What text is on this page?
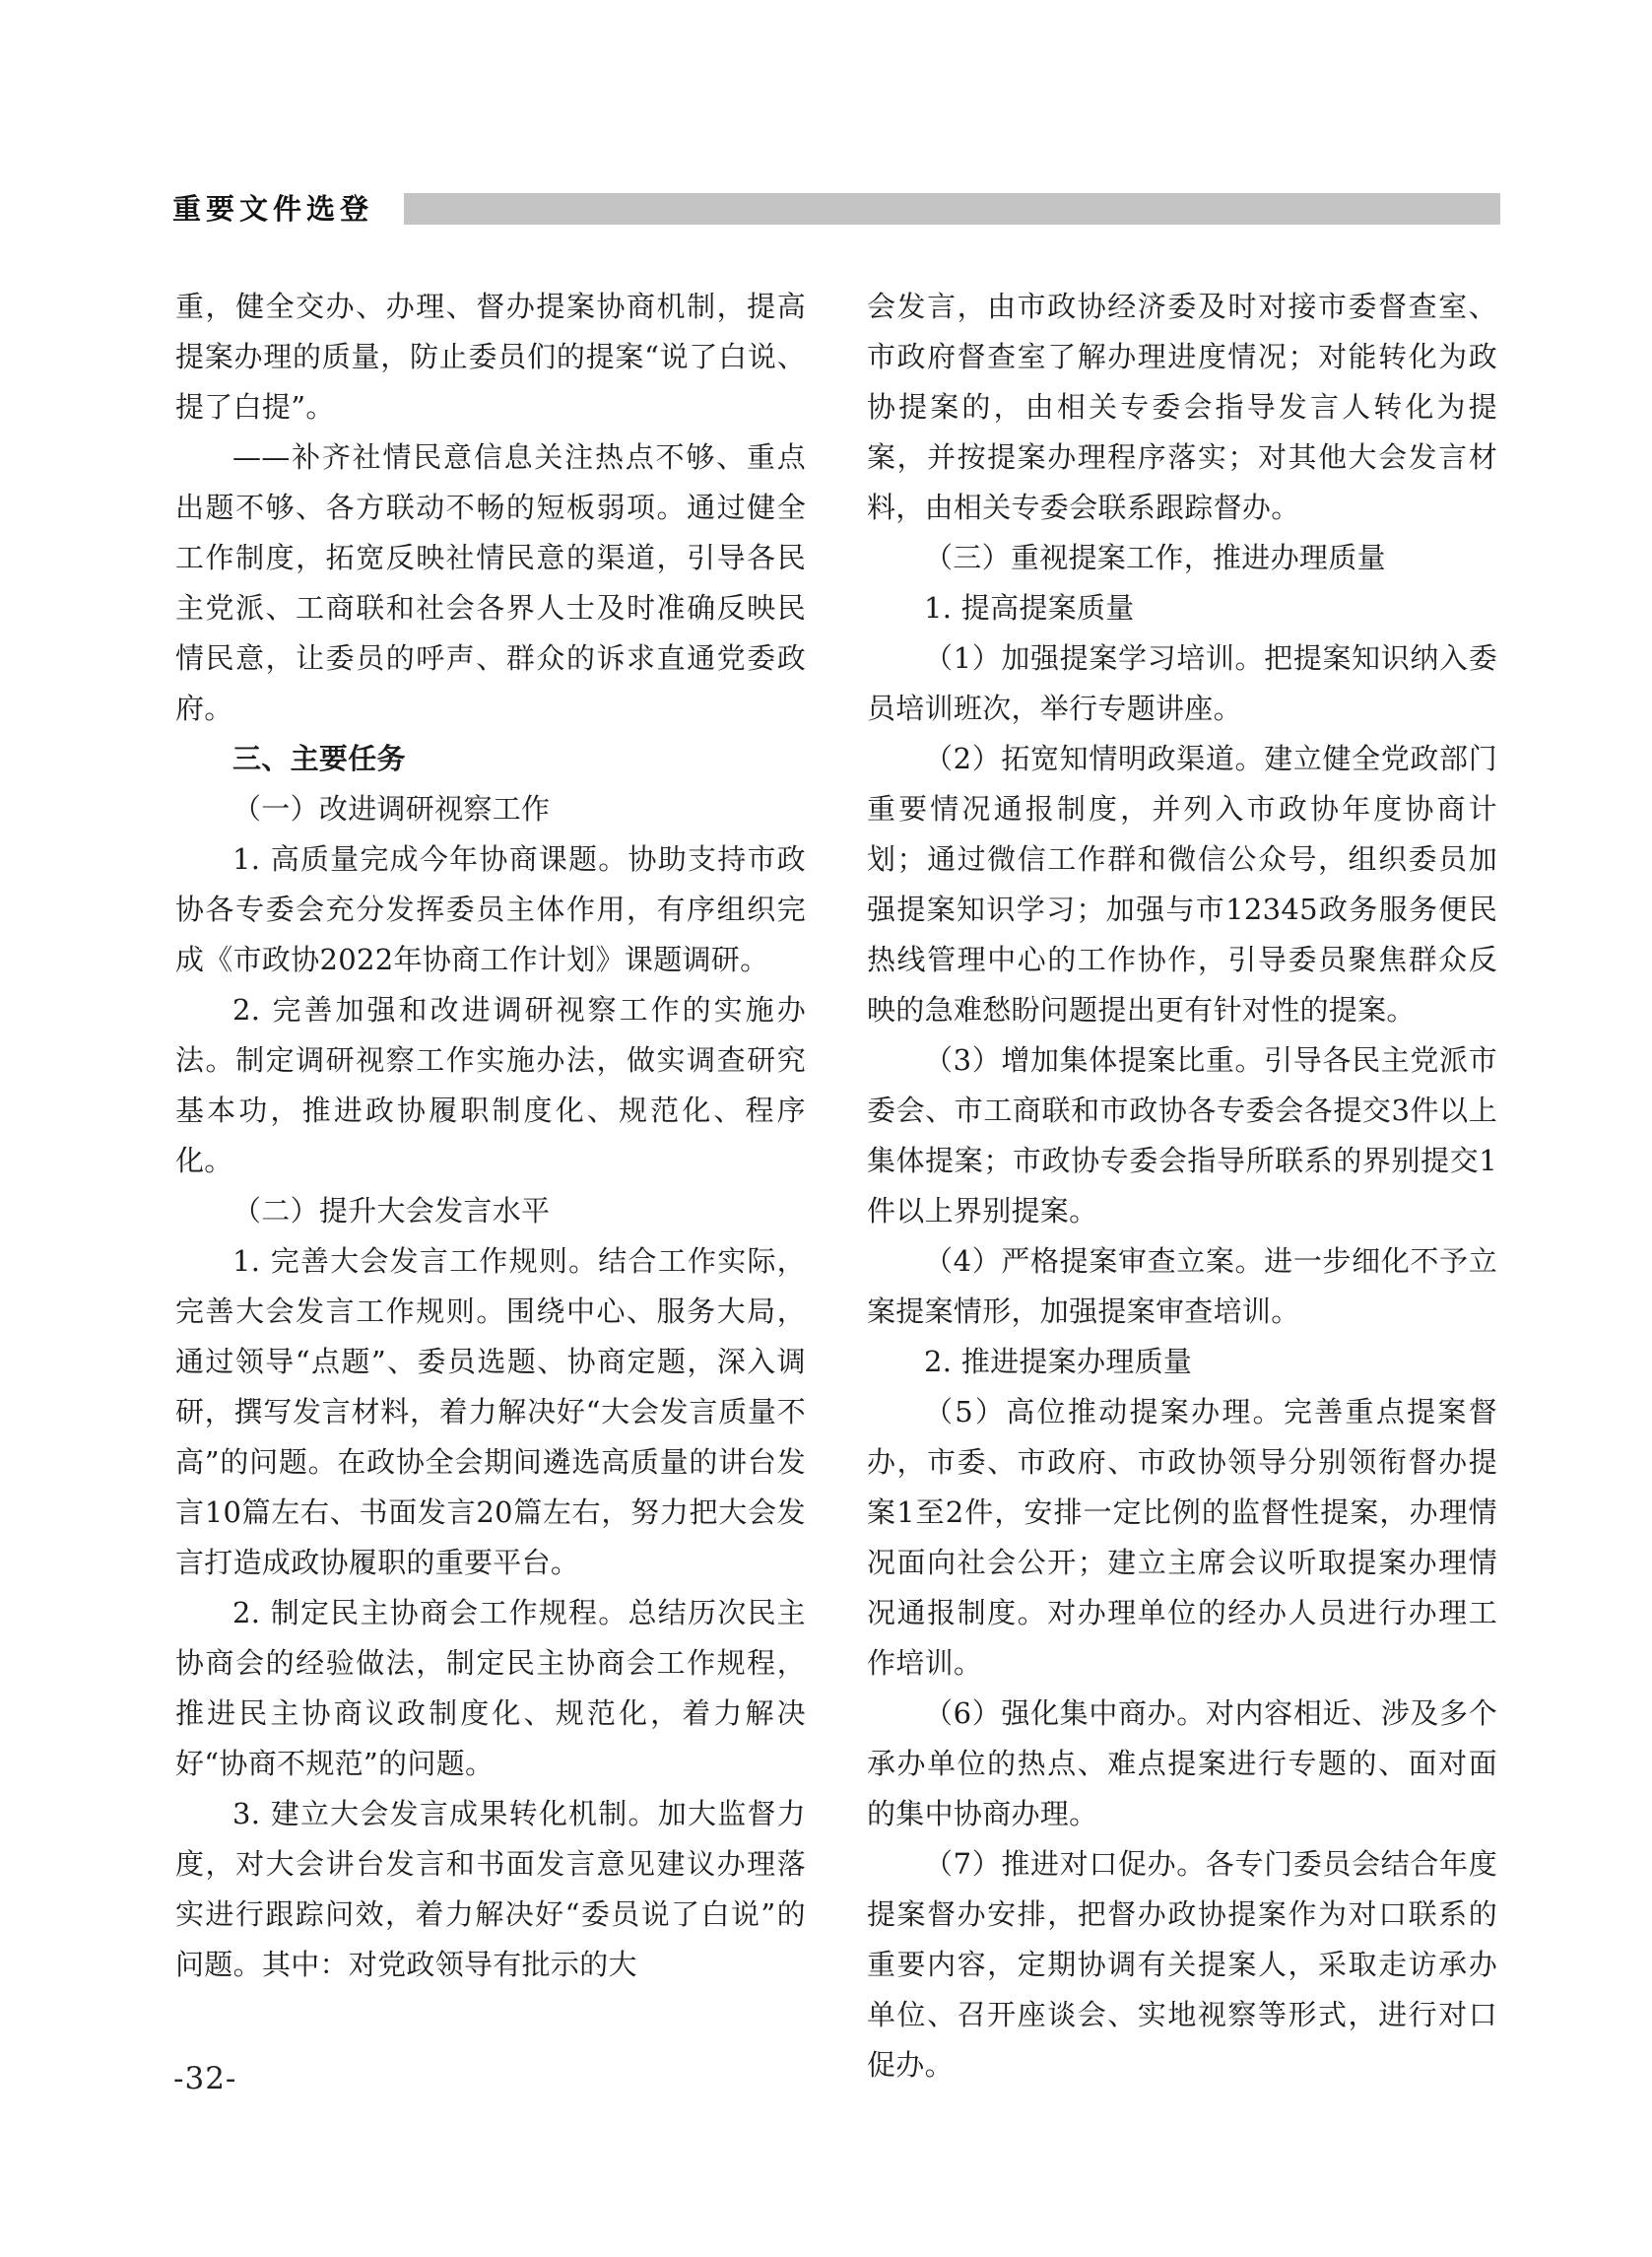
重要文件选登

重，健全交办、办理、督办提案协商机制，提高提案办理的质量，防止委员们的提案“说了白说、提了白提”。

——补齐社情民意信息关注热点不够、重点出题不够、各方联动不畅的短板弱项。通过健全工作制度，拓宽反映社情民意的渠道，引导各民主党派、工商联和社会各界人士及时准确反映民情民意，让委员的呼声、群众的诉求直通党委政府。

三、主要任务

（一）改进调研视察工作

1. 高质量完成今年协商课题。协助支持市政协各专委会充分发挥委员主体作用，有序组织完成《市政协2022年协商工作计划》课题调研。

2. 完善加强和改进调研视察工作的实施办法。制定调研视察工作实施办法，做实调查研究基本功，推进政协履职制度化、规范化、程序化。

（二）提升大会发言水平

1. 完善大会发言工作规则。结合工作实际，完善大会发言工作规则。围绕中心、服务大局，通过领导“点题”、委员选题、协商定题，深入调研，撰写发言材料，着力解决好“大会发言质量不高”的问题。在政协全会期间遴选高质量的讲台发言10篇左右、书面发言20篇左右，努力把大会发言打造成政协履职的重要平台。

2. 制定民主协商会工作规程。总结历次民主协商会的经验做法，制定民主协商会工作规程，推进民主协商议政制度化、规范化，着力解决好“协商不规范”的问题。

3. 建立大会发言成果转化机制。加大监督力度，对大会讲台发言和书面发言意见建议办理落实进行跟踪问效，着力解决好“委员说了白说”的问题。其中：对党政领导有批示的大

会发言，由市政协经济委及时对接市委督查室、市政府督查室了解办理进度情况；对能转化为政协提案的，由相关专委会指导发言人转化为提案，并按提案办理程序落实；对其他大会发言材料，由相关专委会联系跟踪督办。

（三）重视提案工作，推进办理质量

1. 提高提案质量

（1）加强提案学习培训。把提案知识纳入委员培训班次，举行专题讲座。

（2）拓宽知情明政渠道。建立健全党政部门重要情况通报制度，并列入市政协年度协商计划；通过微信工作群和微信公众号，组织委员加强提案知识学习；加强与市12345政务服务便民热线管理中心的工作协作，引导委员聚焦群众反映的急难愁盼问题提出更有针对性的提案。

（3）增加集体提案比重。引导各民主党派市委会、市工商联和市政协各专委会各提交3件以上集体提案；市政协专委会指导所联系的界别提交1件以上界别提案。

（4）严格提案审查立案。进一步细化不予立案提案情形，加强提案审查培训。

2. 推进提案办理质量

（5）高位推动提案办理。完善重点提案督办，市委、市政府、市政协领导分别领衔督办提案1至2件，安排一定比例的监督性提案，办理情况面向社会公开；建立主席会议听取提案办理情况通报制度。对办理单位的经办人员进行办理工作培训。

（6）强化集中商办。对内容相近、涉及多个承办单位的热点、难点提案进行专题的、面对面的集中协商办理。

（7）推进对口促办。各专门委员会结合年度提案督办安排，把督办政协提案作为对口联系的重要内容，定期协调有关提案人，采取走访承办单位、召开座谈会、实地视察等形式，进行对口促办。

-32-
